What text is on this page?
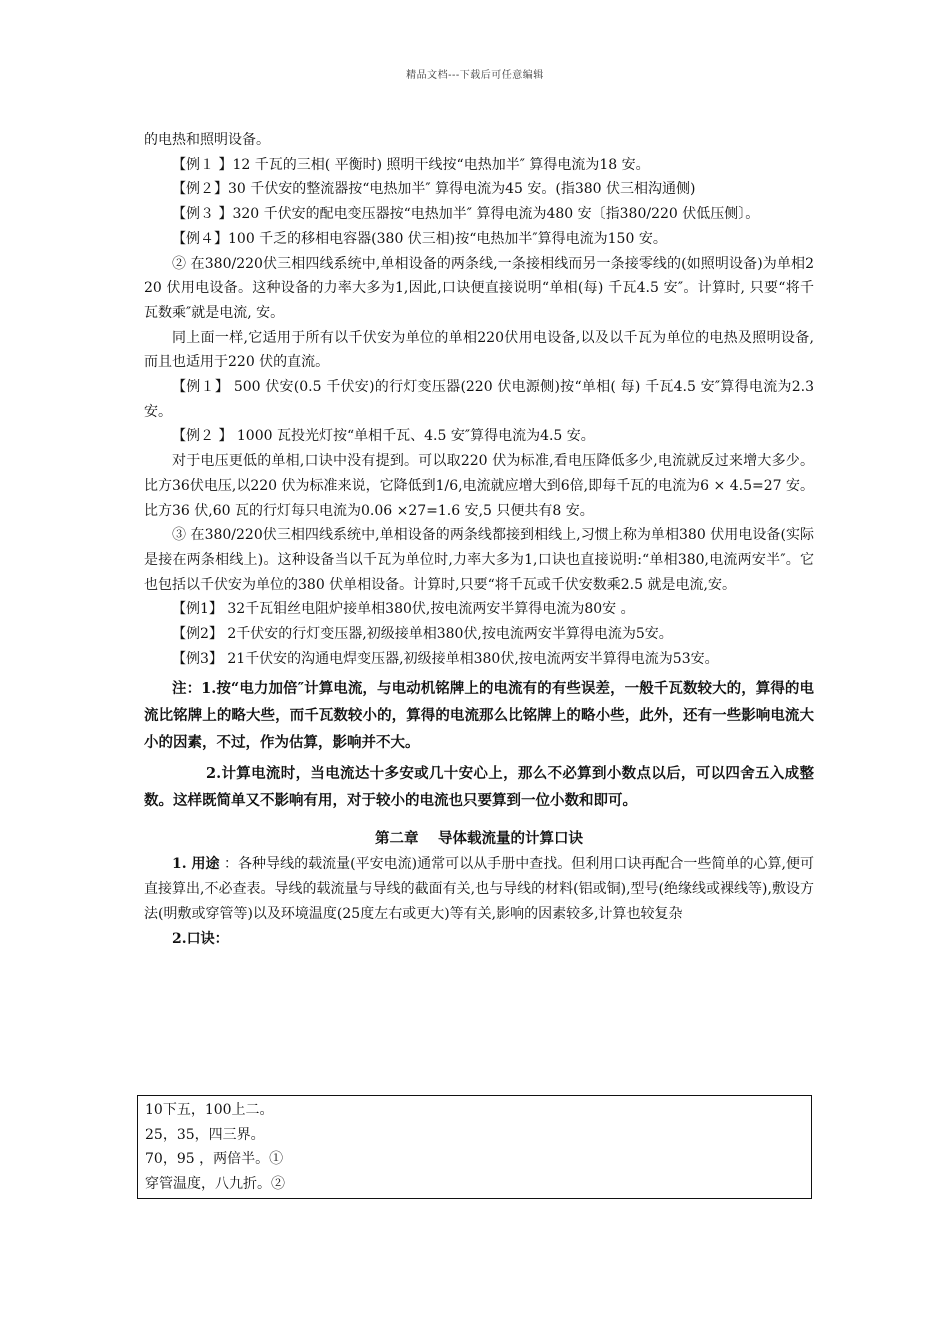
精品文档---下载后可任意编辑

的电热和照明设备。

【例１ 】12 千瓦的三相( 平衡时) 照明干线按“电热加半″ 算得电流为18 安。

【例２】30 千伏安的整流器按“电热加半″ 算得电流为45 安。(指380 伏三相沟通侧)

【例３ 】320 千伏安的配电变压器按“电热加半″ 算得电流为480 安〔指380/220 伏低压侧〕。

【例４】100 千乏的移相电容器(380 伏三相)按“电热加半″算得电流为150 安。

② 在380/220伏三相四线系统中,单相设备的两条线,一条接相线而另一条接零线的(如照明设备)为单相220 伏用电设备。这种设备的力率大多为1,因此,口诀便直接说明“单相(每) 千瓦4.5 安″。计算时, 只要“将千瓦数乘″就是电流, 安。

同上面一样,它适用于所有以千伏安为单位的单相220伏用电设备,以及以千瓦为单位的电热及照明设备,而且也适用于220 伏的直流。

【例１】 500 伏安(0.5 千伏安)的行灯变压器(220 伏电源侧)按“单相( 每) 千瓦4.5 安″算得电流为2.3 安。

【例２ 】 1000 瓦投光灯按“单相千瓦、4.5 安″算得电流为4.5 安。

对于电压更低的单相,口诀中没有提到。可以取220 伏为标准,看电压降低多少,电流就反过来增大多少。比方36伏电压,以220 伏为标准来说，它降低到1/6,电流就应增大到6倍,即每千瓦的电流为6 × 4.5=27 安。比方36 伏,60 瓦的行灯每只电流为0.06 ×27=1.6 安,5 只便共有8 安。

③ 在380/220伏三相四线系统中,单相设备的两条线都接到相线上,习惯上称为单相380 伏用电设备(实际是接在两条相线上)。这种设备当以千瓦为单位时,力率大多为1,口诀也直接说明:“单相380,电流两安半″。它也包括以千伏安为单位的380 伏单相设备。计算时,只要“将千瓦或千伏安数乘2.5 就是电流,安。

【例1】 32千瓦钼丝电阻炉接单相380伏,按电流两安半算得电流为80安 。

【例2】 2千伏安的行灯变压器,初级接单相380伏,按电流两安半算得电流为5安。

【例3】 21千伏安的沟通电焊变压器,初级接单相380伏,按电流两安半算得电流为53安。

注：1.按“电力加倍″计算电流，与电动机铭牌上的电流有的有些误差，一般千瓦数较大的，算得的电流比铭牌上的略大些，而千瓦数较小的，算得的电流那么比铭牌上的略小些，此外，还有一些影响电流大小的因素，不过，作为估算，影响并不大。

2.计算电流时，当电流达十多安或几十安心上，那么不必算到小数点以后，可以四舍五入成整数。这样既简单又不影响有用，对于较小的电流也只要算到一位小数和即可。

第二章　 导体载流量的计算口诀

1. 用途 ：各种导线的载流量(平安电流)通常可以从手册中查找。但利用口诀再配合一些简单的心算,便可直接算出,不必查表。导线的载流量与导线的截面有关,也与导线的材料(铝或铜),型号(绝缘线或裸线等),敷设方法(明敷或穿管等)以及环境温度(25度左右或更大)等有关,影响的因素较多,计算也较复杂

2.口诀：

10下五，100上二。

25，35，四三界。

70，95 ，两倍半。①

穿管温度，八九折。②
